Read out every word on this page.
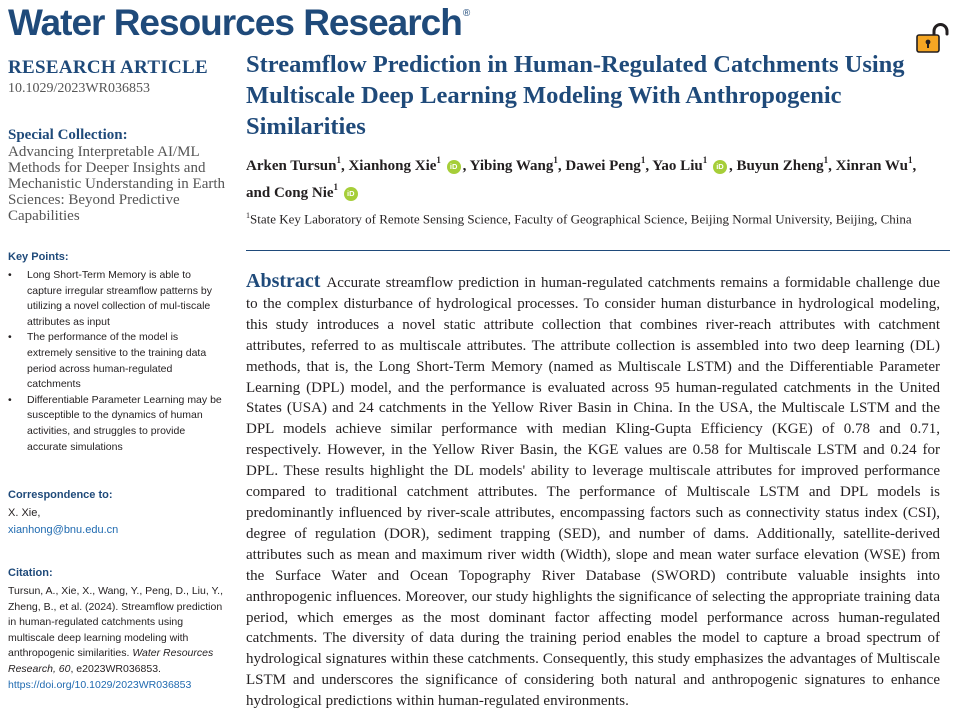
Water Resources Research®
RESEARCH ARTICLE
10.1029/2023WR036853
Special Collection:
Advancing Interpretable AI/ML Methods for Deeper Insights and Mechanistic Understanding in Earth Sciences: Beyond Predictive Capabilities
Key Points:
• Long Short-Term Memory is able to capture irregular streamflow patterns by utilizing a novel collection of mul-tiscale attributes as input
• The performance of the model is extremely sensitive to the training data period across human-regulated catchments
• Differentiable Parameter Learning may be susceptible to the dynamics of human activities, and struggles to provide accurate simulations
Correspondence to:
X. Xie,
xianhong@bnu.edu.cn
Citation:
Tursun, A., Xie, X., Wang, Y., Peng, D., Liu, Y., Zheng, B., et al. (2024). Streamflow prediction in human-regulated catchments using multiscale deep learning modeling with anthropogenic similarities. Water Resources Research, 60, e2023WR036853. https://doi.org/10.1029/2023WR036853
Streamflow Prediction in Human-Regulated Catchments Using Multiscale Deep Learning Modeling With Anthropogenic Similarities
Arken Tursun$^1$, Xianhong Xie$^1$ iD , Yibing Wang$^1$, Dawei Peng$^1$, Yao Liu$^1$ iD , Buyun Zheng$^1$, Xinran Wu$^1$, and Cong Nie$^1$ iD
$^1$State Key Laboratory of Remote Sensing Science, Faculty of Geographical Science, Beijing Normal University, Beijing, China
Abstract Accurate streamflow prediction in human-regulated catchments remains a formidable challenge due to the complex disturbance of hydrological processes. To consider human disturbance in hydrological modeling, this study introduces a novel static attribute collection that combines river-reach attributes with catchment attributes, referred to as multiscale attributes. The attribute collection is assembled into two deep learning (DL) methods, that is, the Long Short-Term Memory (named as Multiscale LSTM) and the Differentiable Parameter Learning (DPL) model, and the performance is evaluated across 95 human-regulated catchments in the United States (USA) and 24 catchments in the Yellow River Basin in China. In the USA, the Multiscale LSTM and the DPL models achieve similar performance with median Kling-Gupta Efficiency (KGE) of 0.78 and 0.71, respectively. However, in the Yellow River Basin, the KGE values are 0.58 for Multiscale LSTM and 0.24 for DPL. These results highlight the DL models' ability to leverage multiscale attributes for improved performance compared to traditional catchment attributes. The performance of Multiscale LSTM and DPL models is predominantly influenced by river-scale attributes, encompassing factors such as connectivity status index (CSI), degree of regulation (DOR), sediment trapping (SED), and number of dams. Additionally, satellite-derived attributes such as mean and maximum river width (Width), slope and mean water surface elevation (WSE) from the Surface Water and Ocean Topography River Database (SWORD) contribute valuable insights into anthropogenic influences. Moreover, our study highlights the significance of selecting the appropriate training data period, which emerges as the most dominant factor affecting model performance across human-regulated catchments. The diversity of data during the training period enables the model to capture a broad spectrum of hydrological signatures within these catchments. Consequently, this study emphasizes the advantages of Multiscale LSTM and underscores the significance of considering both natural and anthropogenic signatures to enhance hydrological predictions within human-regulated environments.
